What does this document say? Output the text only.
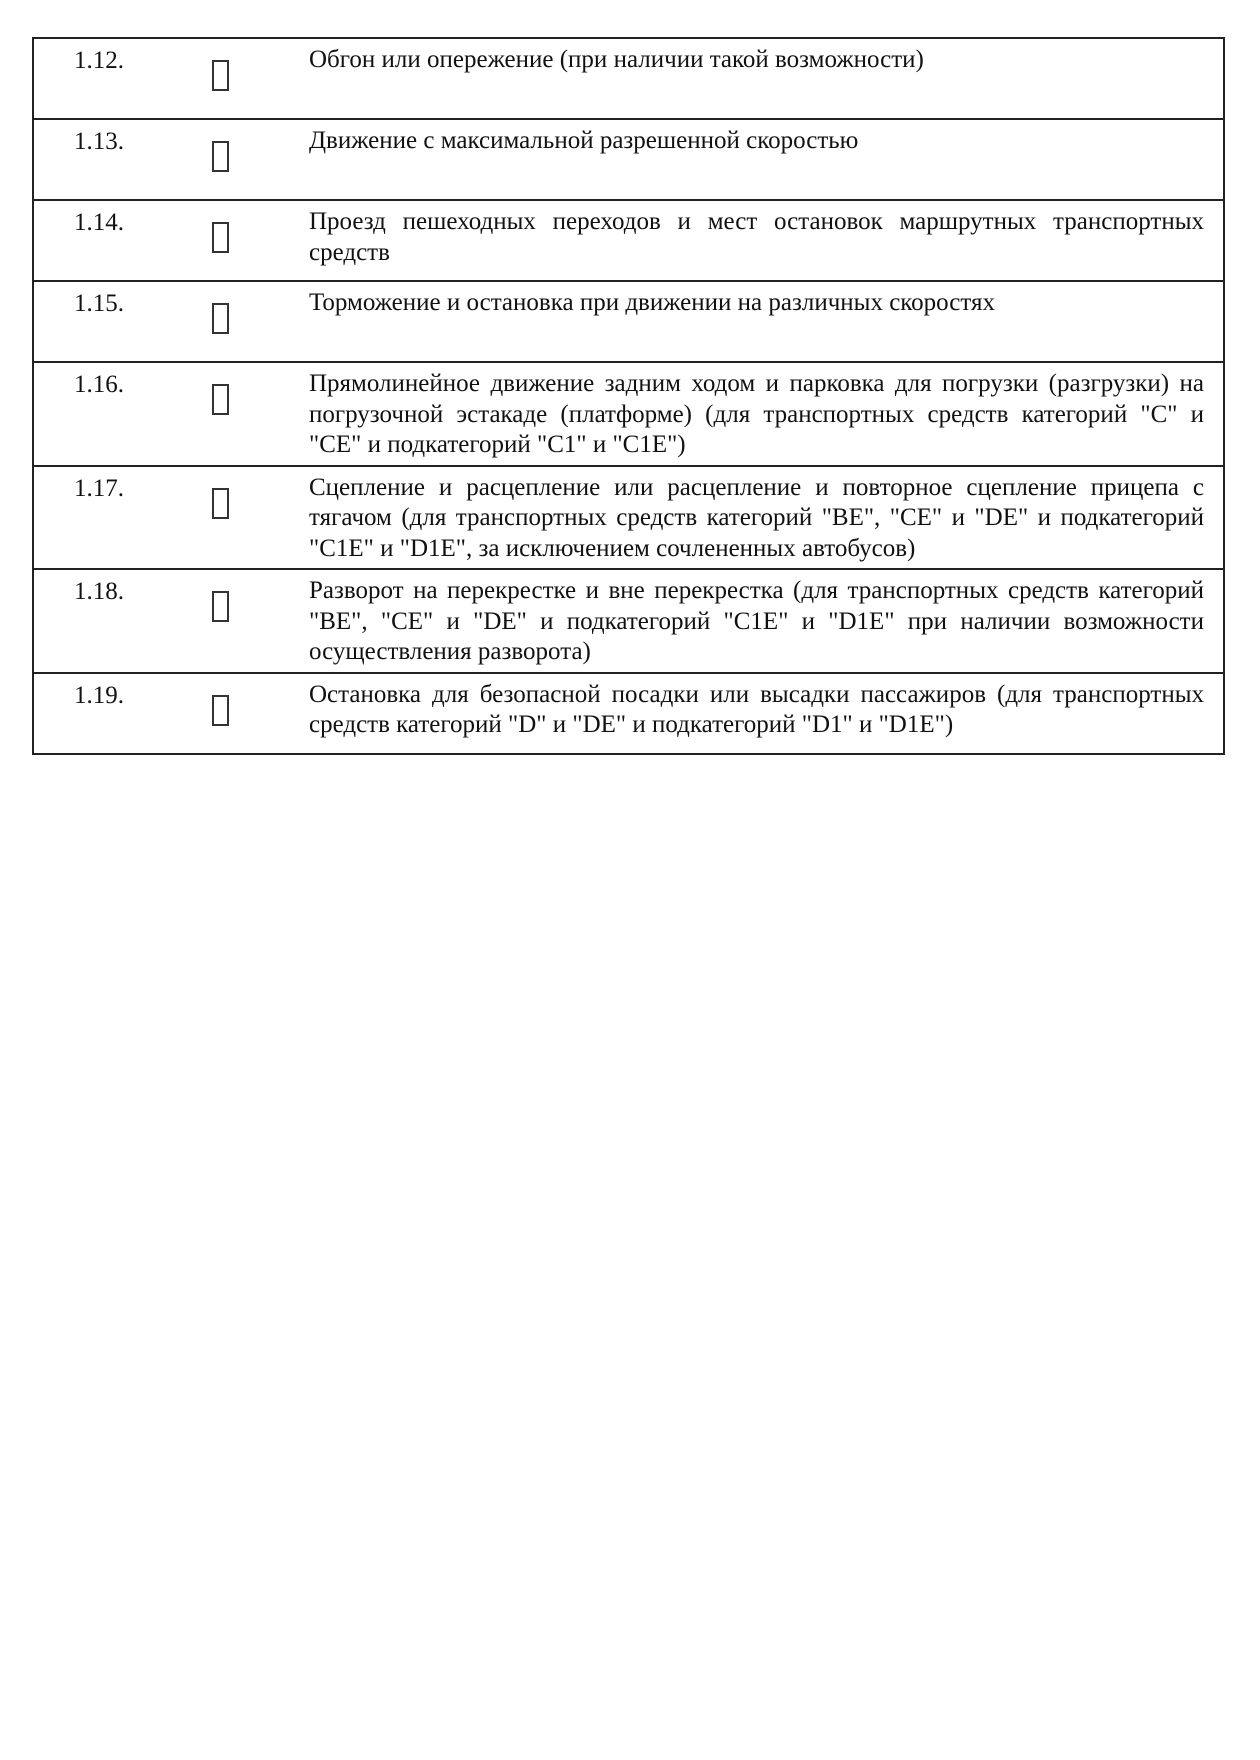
1.12.		Обгон или опережение (при наличии такой возможности)
1.13.		Движение с максимальной разрешенной скоростью
1.14.		Проезд пешеходных переходов и мест остановок маршрутных транспортных средств
1.15.		Торможение и остановка при движении на различных скоростях
1.16.		Прямолинейное движение задним ходом и парковка для погрузки (разгрузки) на погрузочной эстакаде (платформе) (для транспортных средств категорий "C" и "CE" и подкатегорий "C1" и "C1E")
1.17.		Сцепление и расцепление или расцепление и повторное сцепление прицепа с тягачом (для транспортных средств категорий "BE", "CE" и "DE" и подкатегорий "C1E" и "D1E", за исключением сочлененных автобусов)
1.18.		Разворот на перекрестке и вне перекрестка (для транспортных средств категорий "BE", "CE" и "DE" и подкатегорий "C1E" и "D1E" при наличии возможности осуществления разворота)
1.19.		Остановка для безопасной посадки или высадки пассажиров (для транспортных средств категорий "D" и "DE" и подкатегорий "D1" и "D1E")
